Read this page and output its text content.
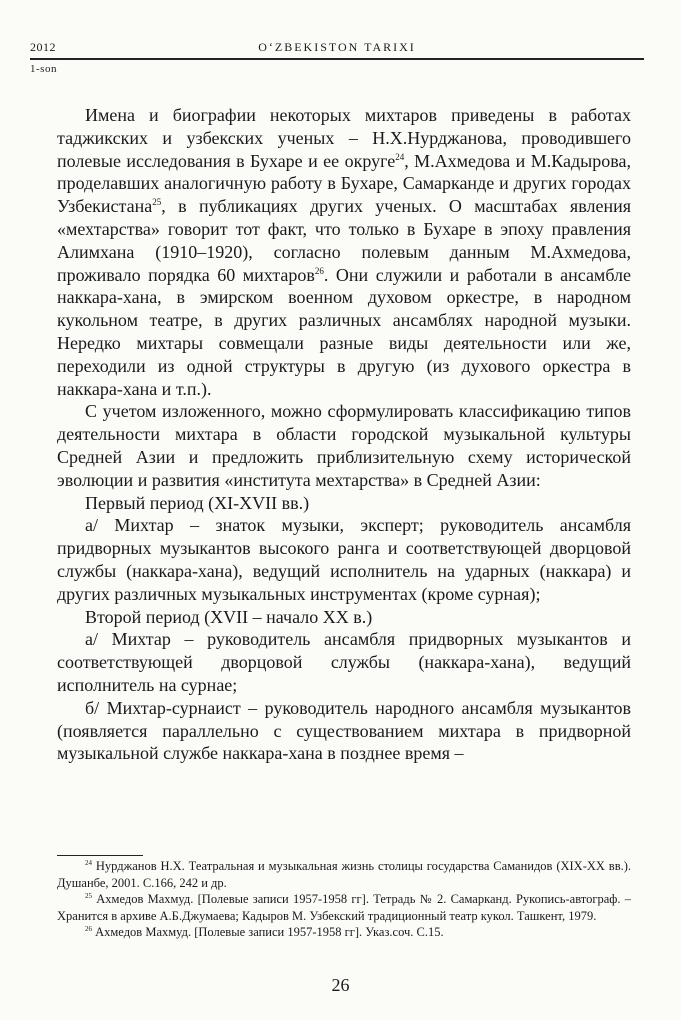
2012	O‘ZBEKISTON TARIXI
1-son

Имена и биографии некоторых михтаров приведены в работах таджикских и узбекских ученых – Н.Х.Нурджанова, проводившего полевые исследования в Бухаре и ее округе$^{24}$, М.Ахмедова и М.Кадырова, проделавших аналогичную работу в Бухаре, Самарканде и других городах Узбекистана$^{25}$, в публикациях других ученых. О масштабах явления «мехтарства» говорит тот факт, что только в Бухаре в эпоху правления Алимхана (1910–1920), согласно полевым данным М.Ахмедова, проживало порядка 60 михтаров$^{26}$. Они служили и работали в ансамбле наккара-хана, в эмирском военном духовом оркестре, в народном кукольном театре, в других различных ансамблях народной музыки. Нередко михтары совмещали разные виды деятельности или же, переходили из одной структуры в другую (из духового оркестра в наккара-хана и т.п.).

С учетом изложенного, можно сформулировать классификацию типов деятельности михтара в области городской музыкальной культуры Средней Азии и предложить приблизительную схему исторической эволюции и развития «института мехтарства» в Средней Азии:

Первый период (XI-XVII вв.)

а/ Михтар – знаток музыки, эксперт; руководитель ансамбля придворных музыкантов высокого ранга и соответствующей дворцовой службы (наккара-хана), ведущий исполнитель на ударных (наккара) и других различных музыкальных инструментах (кроме сурная);

Второй период (XVII – начало XX в.)

а/ Михтар – руководитель ансамбля придворных музыкантов и соответствующей дворцовой службы (наккара-хана), ведущий исполнитель на сурнае;

б/ Михтар-сурнаист – руководитель народного ансамбля музыкантов (появляется параллельно с существованием михтара в придворной музыкальной службе наккара-хана в позднее время –

$^{24}$ Нурджанов Н.Х. Театральная и музыкальная жизнь столицы государства Саманидов (XIX-XX вв.). Душанбе, 2001. С.166, 242 и др.

$^{25}$ Ахмедов Махмуд. [Полевые записи 1957-1958 гг]. Тетрадь № 2. Самарканд. Рукопись-автограф. – Хранится в архиве А.Б.Джумаева; Кадыров М. Узбекский традиционный театр кукол. Ташкент, 1979.

$^{26}$ Ахмедов Махмуд. [Полевые записи 1957-1958 гг]. Указ.соч. С.15.

26
